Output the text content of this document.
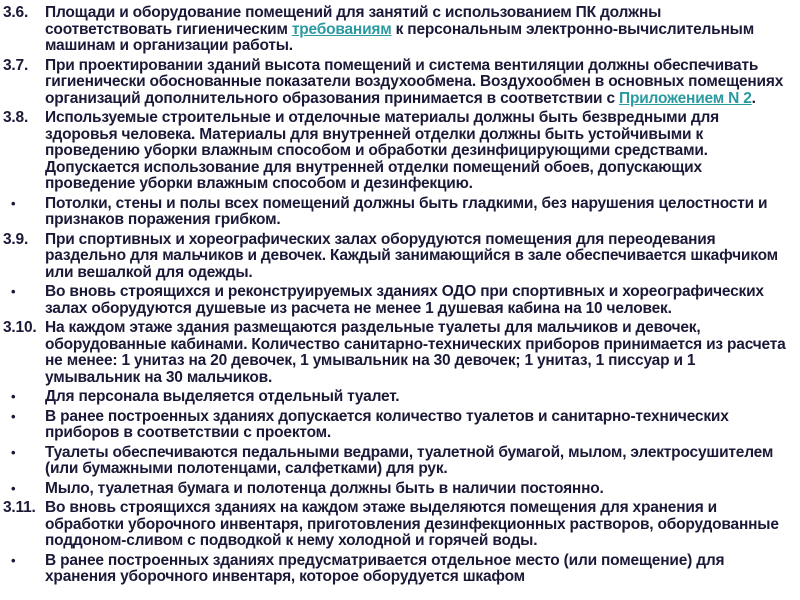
3.6.	Площади и оборудование помещений для занятий с использованием ПК должны соответствовать гигиеническим требованиям к персональным электронно-вычислительным машинам и организации работы.
3.7.	При проектировании зданий высота помещений и система вентиляции должны обеспечивать гигиенически обоснованные показатели воздухообмена. Воздухообмен в основных помещениях организаций дополнительного образования принимается в соответствии с Приложением N 2.
3.8.	Используемые строительные и отделочные материалы должны быть безвредными для здоровья человека. Материалы для внутренней отделки должны быть устойчивыми к проведению уборки влажным способом и обработки дезинфицирующими средствами. Допускается использование для внутренней отделки помещений обоев, допускающих проведение уборки влажным способом и дезинфекцию.
•	Потолки, стены и полы всех помещений должны быть гладкими, без нарушения целостности и признаков поражения грибком.
3.9.	При спортивных и хореографических залах оборудуются помещения для переодевания раздельно для мальчиков и девочек. Каждый занимающийся в зале обеспечивается шкафчиком или вешалкой для одежды.
•	Во вновь строящихся и реконструируемых зданиях ОДО при спортивных и хореографических залах оборудуются душевые из расчета не менее 1 душевая кабина на 10 человек.
3.10. На каждом этаже здания размещаются раздельные туалеты для мальчиков и девочек, оборудованные кабинами. Количество санитарно-технических приборов принимается из расчета не менее: 1 унитаз на 20 девочек, 1 умывальник на 30 девочек; 1 унитаз, 1 писсуар и 1 умывальник на 30 мальчиков.
•	Для персонала выделяется отдельный туалет.
•	В ранее построенных зданиях допускается количество туалетов и санитарно-технических приборов в соответствии с проектом.
•	Туалеты обеспечиваются педальными ведрами, туалетной бумагой, мылом, электросушителем (или бумажными полотенцами, салфетками) для рук.
•	Мыло, туалетная бумага и полотенца должны быть в наличии постоянно.
3.11. Во вновь строящихся зданиях на каждом этаже выделяются помещения для хранения и обработки уборочного инвентаря, приготовления дезинфекционных растворов, оборудованные поддоном-сливом с подводкой к нему холодной и горячей воды.
•	В ранее построенных зданиях предусматривается отдельное место (или помещение) для хранения уборочного инвентаря, которое оборудуется шкафом
